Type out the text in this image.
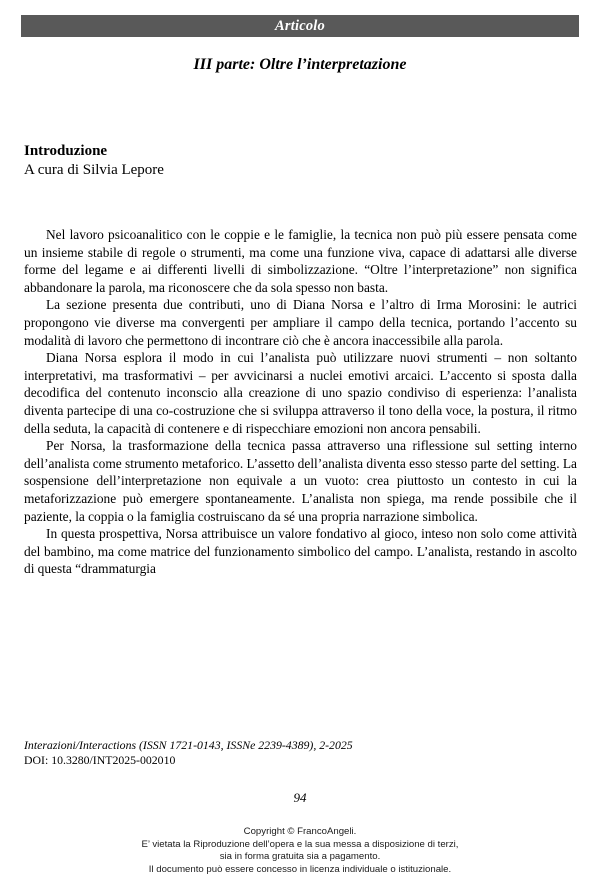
Articolo
III parte: Oltre l’interpretazione

Introduzione

A cura di Silvia Lepore

Nel lavoro psicoanalitico con le coppie e le famiglie, la tecnica non può più essere pensata come un insieme stabile di regole o strumenti, ma come una funzione viva, capace di adattarsi alle diverse forme del legame e ai differenti livelli di simbolizzazione. “Oltre l’interpretazione” non significa abbandonare la parola, ma riconoscere che da sola spesso non basta.

La sezione presenta due contributi, uno di Diana Norsa e l’altro di Irma Morosini: le autrici propongono vie diverse ma convergenti per ampliare il campo della tecnica, portando l’accento su modalità di lavoro che permettono di incontrare ciò che è ancora inaccessibile alla parola.

Diana Norsa esplora il modo in cui l’analista può utilizzare nuovi strumenti – non soltanto interpretativi, ma trasformativi – per avvicinarsi a nuclei emotivi arcaici. L’accento si sposta dalla decodifica del contenuto inconscio alla creazione di uno spazio condiviso di esperienza: l’analista diventa partecipe di una co-costruzione che si sviluppa attraverso il tono della voce, la postura, il ritmo della seduta, la capacità di contenere e di rispecchiare emozioni non ancora pensabili.

Per Norsa, la trasformazione della tecnica passa attraverso una riflessione sul setting interno dell’analista come strumento metaforico. L’assetto dell’analista diventa esso stesso parte del setting. La sospensione dell’interpretazione non equivale a un vuoto: crea piuttosto un contesto in cui la metaforizzazione può emergere spontaneamente. L’analista non spiega, ma rende possibile che il paziente, la coppia o la famiglia costruiscano da sé una propria narrazione simbolica.

In questa prospettiva, Norsa attribuisce un valore fondativo al gioco, inteso non solo come attività del bambino, ma come matrice del funzionamento simbolico del campo. L’analista, restando in ascolto di questa “drammaturgia

Interazioni/Interactions (ISSN 1721-0143, ISSNe 2239-4389), 2-2025

DOI: 10.3280/INT2025-002010

94
Copyright © FrancoAngeli.
E’ vietata la Riproduzione dell’opera e la sua messa a disposizione di terzi,
sia in forma gratuita sia a pagamento.
Il documento può essere concesso in licenza individuale o istituzionale.
